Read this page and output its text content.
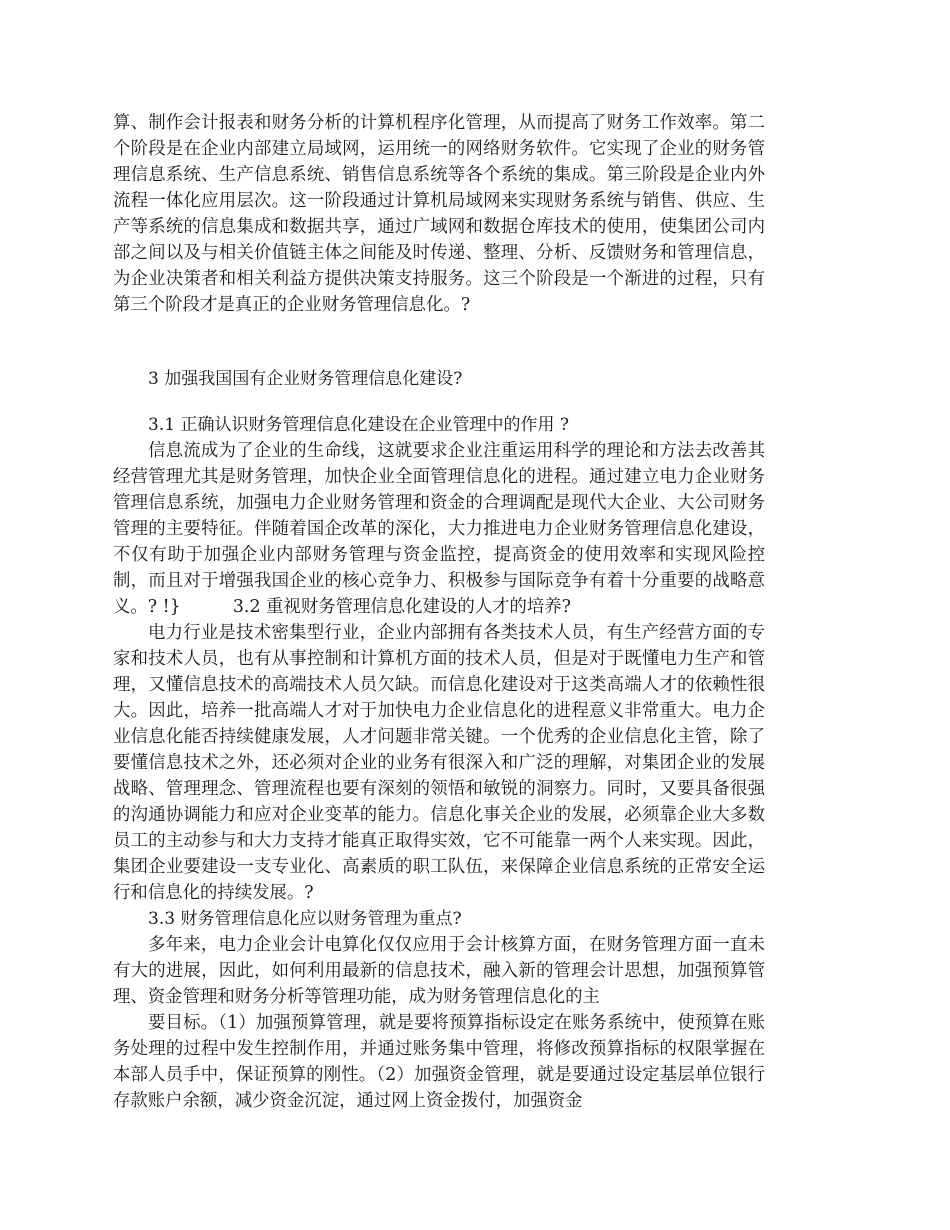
算、制作会计报表和财务分析的计算机程序化管理，从而提高了财务工作效率。第二个阶段是在企业内部建立局域网，运用统一的网络财务软件。它实现了企业的财务管理信息系统、生产信息系统、销售信息系统等各个系统的集成。第三阶段是企业内外流程一体化应用层次。这一阶段通过计算机局域网来实现财务系统与销售、供应、生产等系统的信息集成和数据共享，通过广域网和数据仓库技术的使用，使集团公司内部之间以及与相关价值链主体之间能及时传递、整理、分析、反馈财务和管理信息，为企业决策者和相关利益方提供决策支持服务。这三个阶段是一个渐进的过程，只有第三个阶段才是真正的企业财务管理信息化。?

3 加强我国国有企业财务管理信息化建设?

3.1 正确认识财务管理信息化建设在企业管理中的作用 ?

信息流成为了企业的生命线，这就要求企业注重运用科学的理论和方法去改善其经营管理尤其是财务管理，加快企业全面管理信息化的进程。通过建立电力企业财务管理信息系统，加强电力企业财务管理和资金的合理调配是现代大企业、大公司财务管理的主要特征。伴随着国企改革的深化，大力推进电力企业财务管理信息化建设，不仅有助于加强企业内部财务管理与资金监控，提高资金的使用效率和实现风险控制，而且对于增强我国企业的核心竞争力、积极参与国际竞争有着十分重要的战略意义。? !}　　　3.2 重视财务管理信息化建设的人才的培养?

电力行业是技术密集型行业，企业内部拥有各类技术人员，有生产经营方面的专家和技术人员，也有从事控制和计算机方面的技术人员，但是对于既懂电力生产和管理，又懂信息技术的高端技术人员欠缺。而信息化建设对于这类高端人才的依赖性很大。因此，培养一批高端人才对于加快电力企业信息化的进程意义非常重大。电力企业信息化能否持续健康发展，人才问题非常关键。一个优秀的企业信息化主管，除了要懂信息技术之外，还必须对企业的业务有很深入和广泛的理解，对集团企业的发展战略、管理理念、管理流程也要有深刻的领悟和敏锐的洞察力。同时，又要具备很强的沟通协调能力和应对企业变革的能力。信息化事关企业的发展，必须靠企业大多数员工的主动参与和大力支持才能真正取得实效，它不可能靠一两个人来实现。因此，集团企业要建设一支专业化、高素质的职工队伍，来保障企业信息系统的正常安全运行和信息化的持续发展。?

3.3 财务管理信息化应以财务管理为重点?

多年来，电力企业会计电算化仅仅应用于会计核算方面，在财务管理方面一直未有大的进展，因此，如何利用最新的信息技术，融入新的管理会计思想，加强预算管理、资金管理和财务分析等管理功能，成为财务管理信息化的主

要目标。（1）加强预算管理，就是要将预算指标设定在账务系统中，使预算在账务处理的过程中发生控制作用，并通过账务集中管理，将修改预算指标的权限掌握在本部人员手中，保证预算的刚性。（2）加强资金管理，就是要通过设定基层单位银行存款账户余额，减少资金沉淀，通过网上资金拨付，加强资金
